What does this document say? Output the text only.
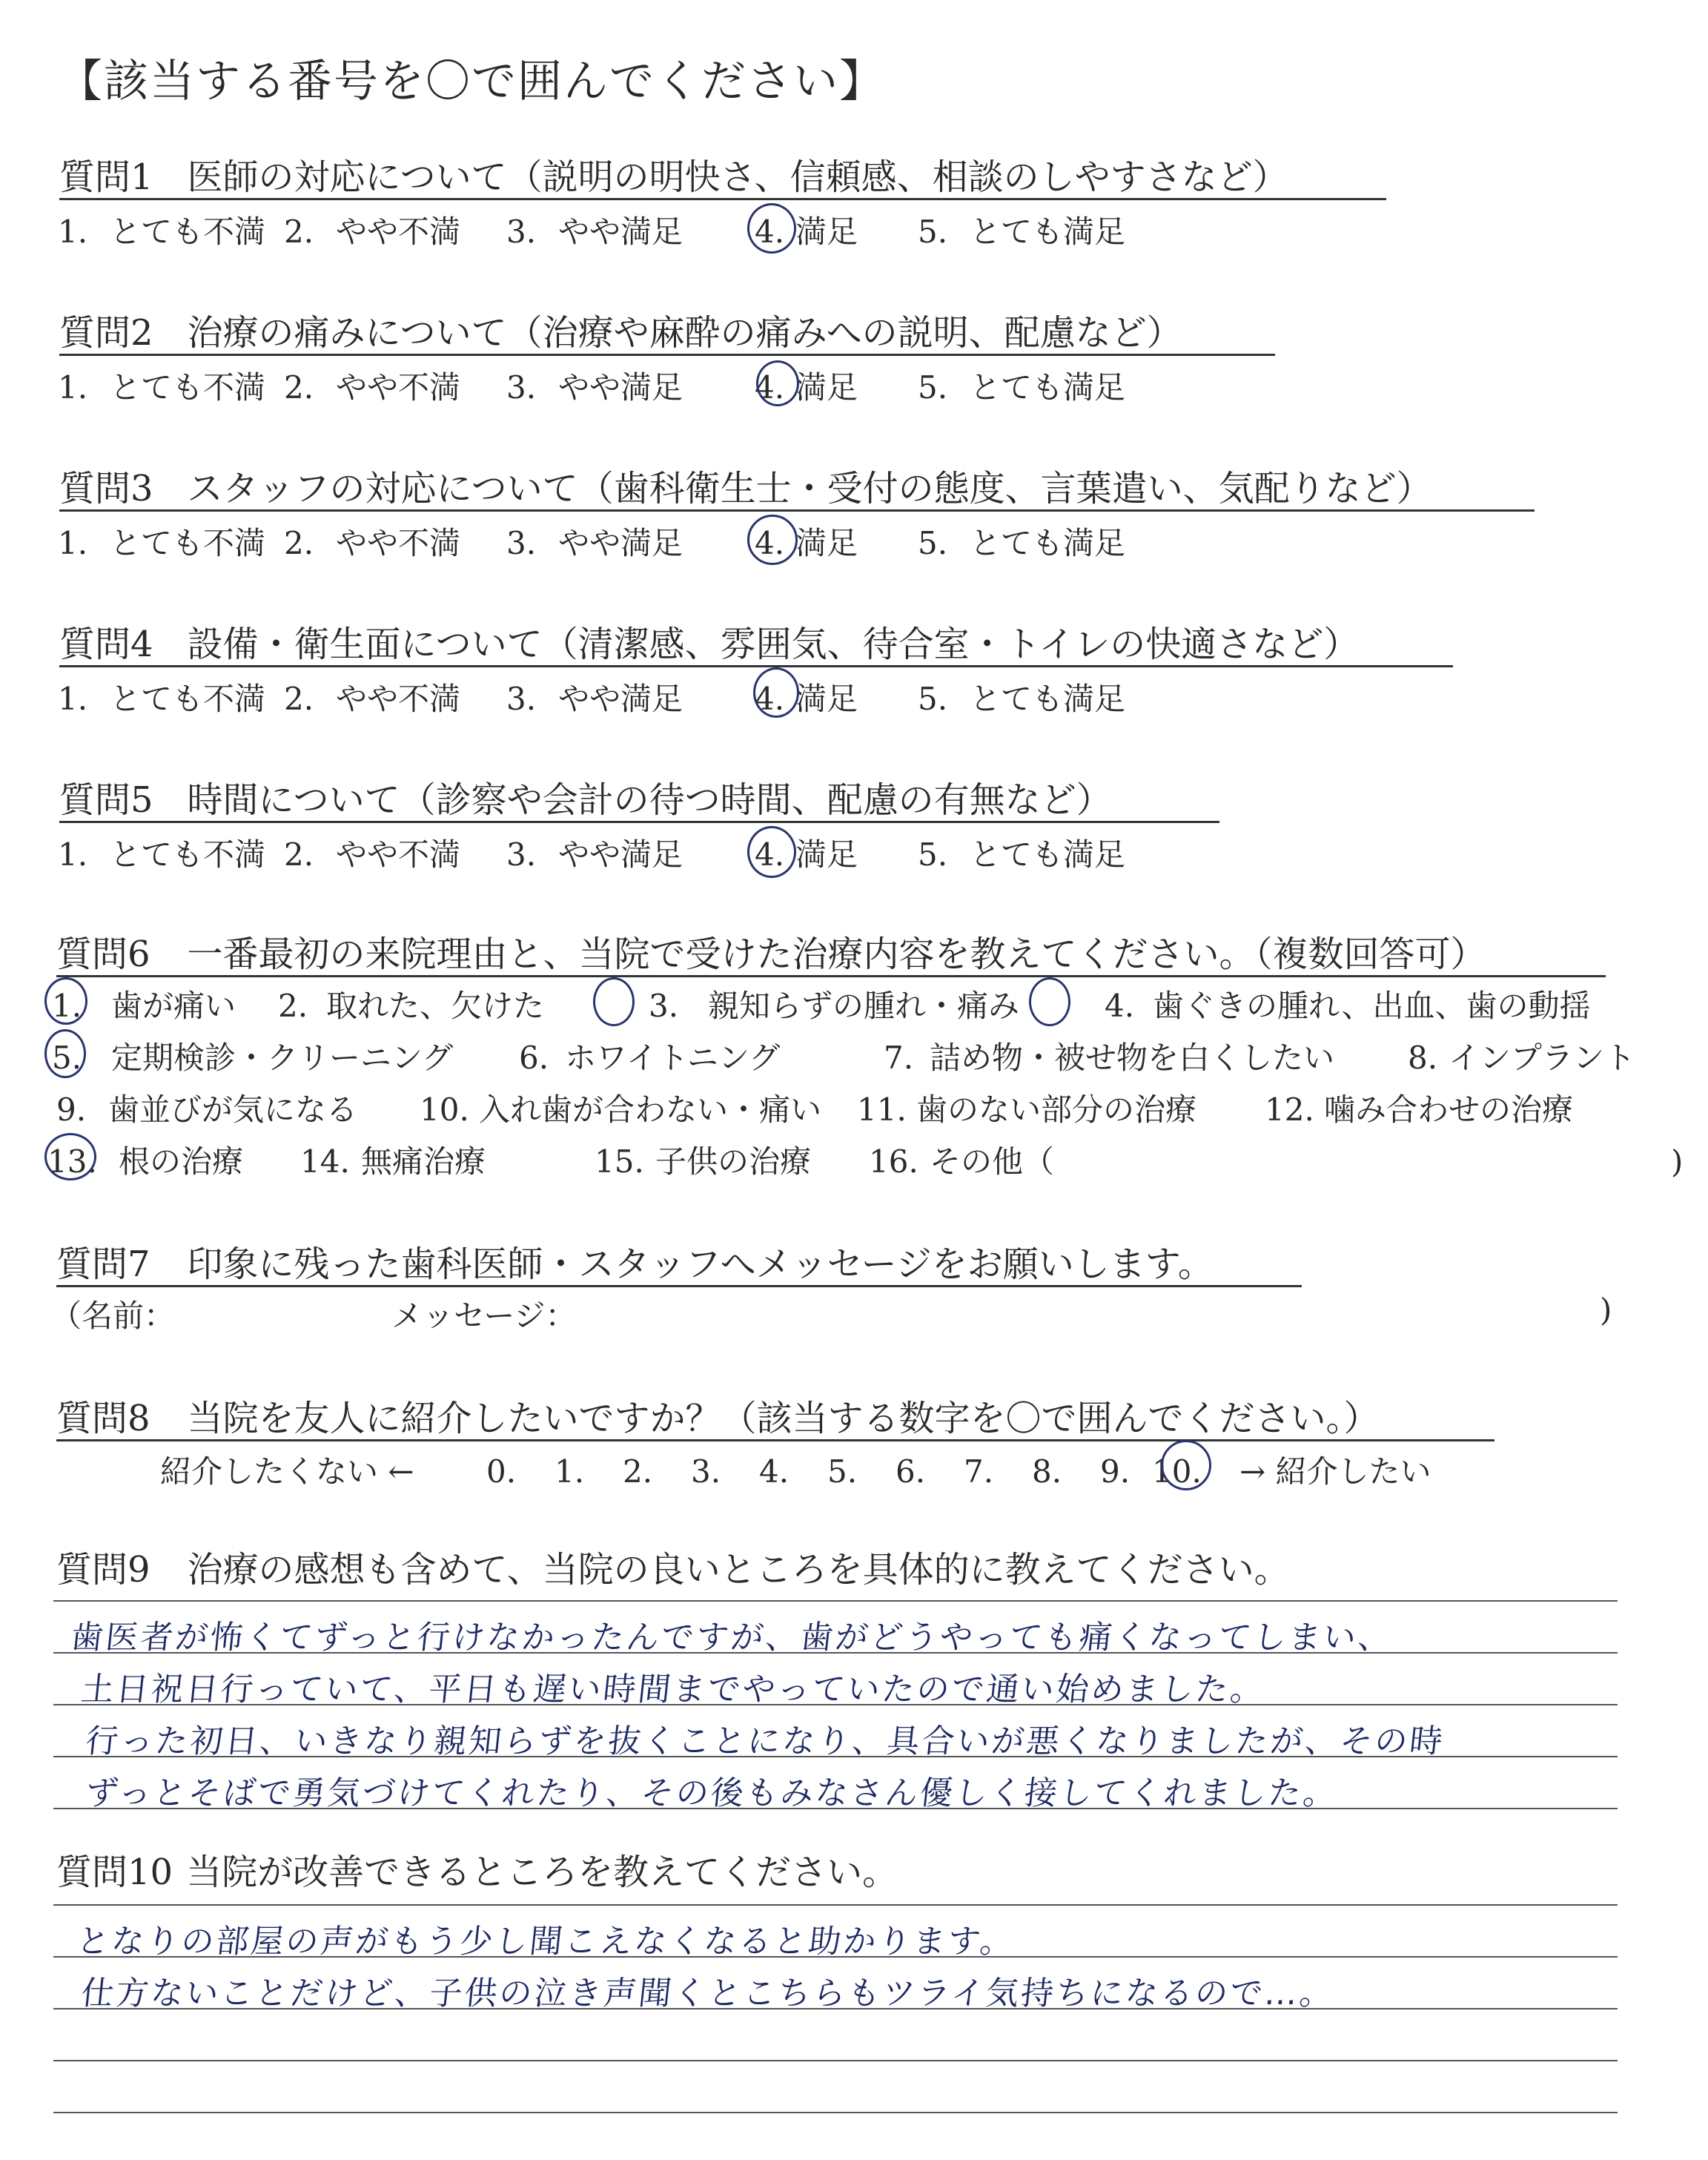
【該当する番号を〇で囲んでください】
質問1 医師の対応について（説明の明快さ、信頼感、相談のしやすさなど）
1. とても不満 2. やや不満 3. やや満足 4. 満足 5. とても満足
質問2 治療の痛みについて（治療や麻酔の痛みへの説明、配慮など）
1. とても不満 2. やや不満 3. やや満足 4. 満足 5. とても満足
質問3 スタッフの対応について（歯科衛生士・受付の態度、言葉遣い、気配りなど）
1. とても不満 2. やや不満 3. やや満足 4. 満足 5. とても満足
質問4 設備・衛生面について（清潔感、雰囲気、待合室・トイレの快適さなど）
1. とても不満 2. やや不満 3. やや満足 4. 満足 5. とても満足
質問5 時間について（診察や会計の待つ時間、配慮の有無など）
1. とても不満 2. やや不満 3. やや満足 4. 満足 5. とても満足
質問6 一番最初の来院理由と、当院で受けた治療内容を教えてください。（複数回答可）
1. 歯が痛い 2. 取れた、欠けた	3. 親知らずの腫れ・痛み	4. 歯ぐきの腫れ、出血、歯の動揺
5. 定期検診・クリーニング 6. ホワイトニング	7. 詰め物・被せ物を白くしたい 8. インプラント
9. 歯並びが気になる 10. 入れ歯が合わない・痛い 11. 歯のない部分の治療 12. 噛み合わせの治療
13. 根の治療 14. 無痛治療	15. 子供の治療 16. その他（	)
質問7 印象に残った歯科医師・スタッフへメッセージをお願いします。
（名前：	メッセージ：	)
質問8 当院を友人に紹介したいですか？（該当する数字を〇で囲んでください。）
紹介したくない ← 0. 1. 2. 3. 4. 5. 6. 7. 8. 9. 10. → 紹介したい
質問9 治療の感想も含めて、当院の良いところを具体的に教えてください。
歯医者が怖くてずっと行けなかったんですが、歯がどうやっても痛くなってしまい、
土日祝日行っていて、平日も遅い時間までやっていたので通い始めました。
行った初日、いきなり親知らずを抜くことになり、具合いが悪くなりましたが、その時
ずっとそばで勇気づけてくれたり、その後もみなさん優しく接してくれました。
質問10 当院が改善できるところを教えてください。
となりの部屋の声がもう少し聞こえなくなると助かります。
仕方ないことだけど、子供の泣き声聞くとこちらもツライ気持ちになるので…。
